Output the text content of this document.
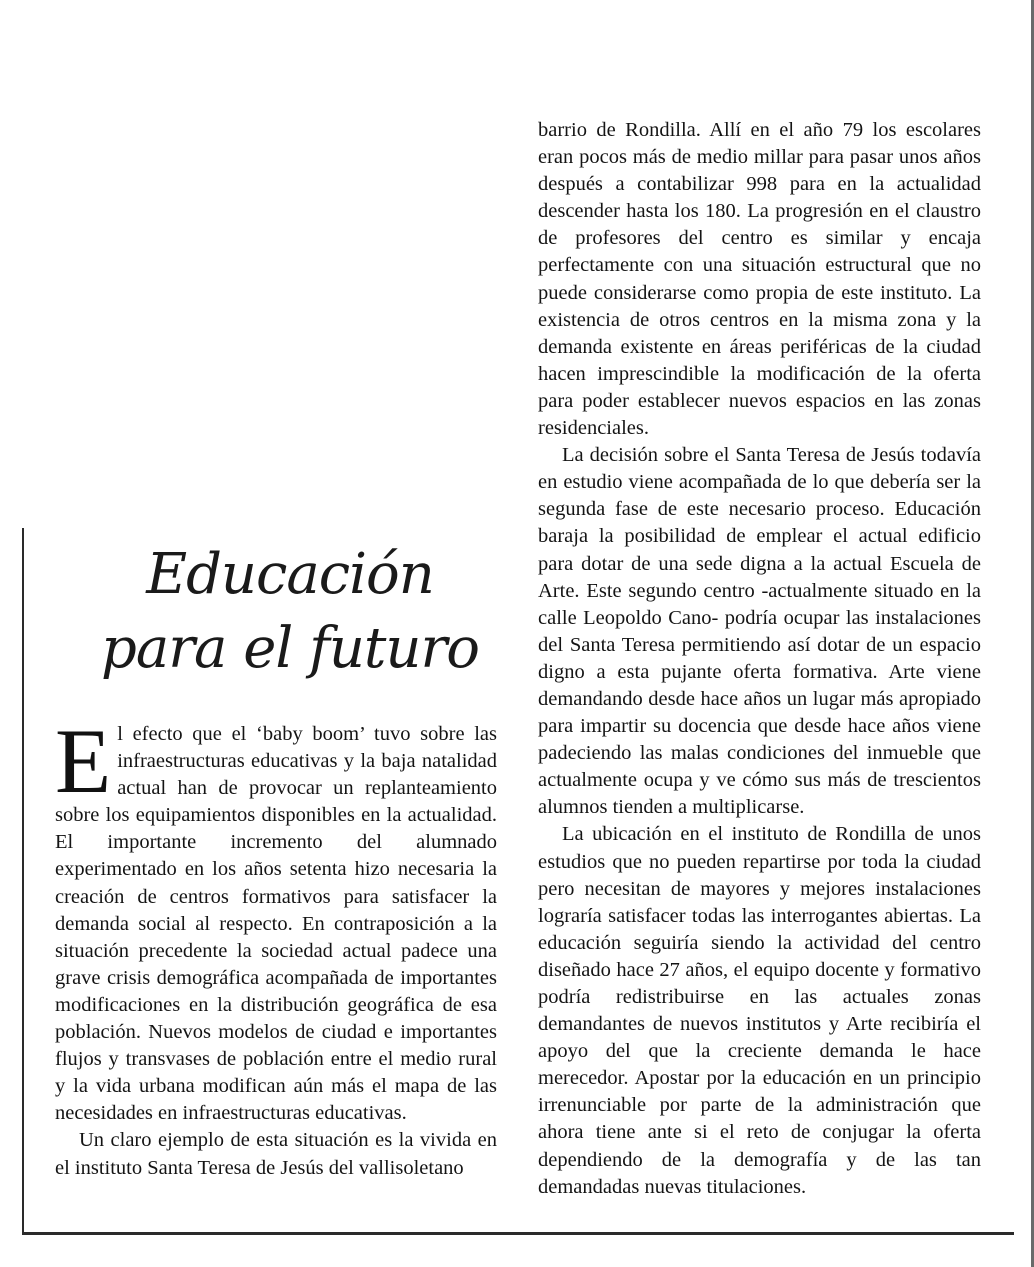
Educación
para el futuro

El efecto que el ‘baby boom’ tuvo sobre las infraestructuras educativas y la baja natalidad actual han de provocar un replanteamiento sobre los equipamientos disponibles en la actualidad. El importante incremento del alumnado experimentado en los años setenta hizo necesaria la creación de centros formativos para satisfacer la demanda social al respecto. En contraposición a la situación precedente la sociedad actual padece una grave crisis demográfica acompañada de importantes modificaciones en la distribución geográfica de esa población. Nuevos modelos de ciudad e importantes flujos y transvases de población entre el medio rural y la vida urbana modifican aún más el mapa de las necesidades en infraestructuras educativas.

Un claro ejemplo de esta situación es la vivida en el instituto Santa Teresa de Jesús del vallisoletano

barrio de Rondilla. Allí en el año 79 los escolares eran pocos más de medio millar para pasar unos años después a contabilizar 998 para en la actualidad descender hasta los 180. La progresión en el claustro de profesores del centro es similar y encaja perfectamente con una situación estructural que no puede considerarse como propia de este instituto. La existencia de otros centros en la misma zona y la demanda existente en áreas periféricas de la ciudad hacen imprescindible la modificación de la oferta para poder establecer nuevos espacios en las zonas residenciales.

La decisión sobre el Santa Teresa de Jesús todavía en estudio viene acompañada de lo que debería ser la segunda fase de este necesario proceso. Educación baraja la posibilidad de emplear el actual edificio para dotar de una sede digna a la actual Escuela de Arte. Este segundo centro -actualmente situado en la calle Leopoldo Cano- podría ocupar las instalaciones del Santa Teresa permitiendo así dotar de un espacio digno a esta pujante oferta formativa. Arte viene demandando desde hace años un lugar más apropiado para impartir su docencia que desde hace años viene padeciendo las malas condiciones del inmueble que actualmente ocupa y ve cómo sus más de trescientos alumnos tienden a multiplicarse.

La ubicación en el instituto de Rondilla de unos estudios que no pueden repartirse por toda la ciudad pero necesitan de mayores y mejores instalaciones lograría satisfacer todas las interrogantes abiertas. La educación seguiría siendo la actividad del centro diseñado hace 27 años, el equipo docente y formativo podría redistribuirse en las actuales zonas demandantes de nuevos institutos y Arte recibiría el apoyo del que la creciente demanda le hace merecedor. Apostar por la educación en un principio irrenunciable por parte de la administración que ahora tiene ante si el reto de conjugar la oferta dependiendo de la demografía y de las tan demandadas nuevas titulaciones.
